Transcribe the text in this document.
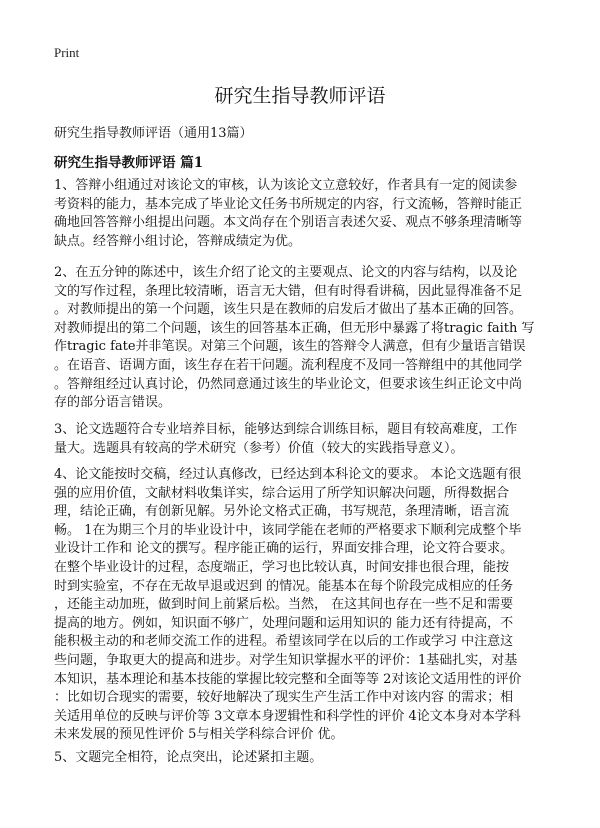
Print
研究生指导教师评语
研究生指导教师评语（通用13篇）
研究生指导教师评语 篇1

1、答辩小组通过对该论文的审核，认为该论文立意较好，作者具有一定的阅读参
考资料的能力，基本完成了毕业论文任务书所规定的内容，行文流畅，答辩时能正
确地回答答辩小组提出问题。本文尚存在个别语言表述欠妥、观点不够条理清晰等
缺点。经答辩小组讨论，答辩成绩定为优。

2、在五分钟的陈述中，该生介绍了论文的主要观点、论文的内容与结构，以及论
文的写作过程，条理比较清晰，语言无大错，但有时得看讲稿，因此显得准备不足
。对教师提出的第一个问题，该生只是在教师的启发后才做出了基本正确的回答。
对教师提出的第二个问题，该生的回答基本正确，但无形中暴露了将tragic faith 写
作tragic fate并非笔误。对第三个问题，该生的答辩令人满意，但有少量语言错误
。在语音、语调方面，该生存在若干问题。流利程度不及同一答辩组中的其他同学
。答辩组经过认真讨论，仍然同意通过该生的毕业论文，但要求该生纠正论文中尚
存的部分语言错误。

3、论文选题符合专业培养目标，能够达到综合训练目标，题目有较高难度，工作
量大。选题具有较高的学术研究（参考）价值（较大的实践指导意义）。

4、论文能按时交稿，经过认真修改，已经达到本科论文的要求。 本论文选题有很
强的应用价值，文献材料收集详实，综合运用了所学知识解决问题，所得数据合
理，结论正确，有创新见解。另外论文格式正确，书写规范，条理清晰，语言流
畅。 1在为期三个月的毕业设计中，该同学能在老师的严格要求下顺利完成整个毕
业设计工作和 论文的撰写。程序能正确的运行，界面安排合理，论文符合要求。
在整个毕业设计的过程，态度端正，学习也比较认真，时间安排也很合理，能按
时到实验室，不存在无故早退或迟到 的情况。能基本在每个阶段完成相应的任务
，还能主动加班，做到时间上前紧后松。当然， 在这其间也存在一些不足和需要
提高的地方。例如，知识面不够广，处理问题和运用知识的 能力还有待提高，不
能积极主动的和老师交流工作的进程。希望该同学在以后的工作或学习 中注意这
些问题，争取更大的提高和进步。对学生知识掌握水平的评价：1基础扎实，对基
本知识，基本理论和基本技能的掌握比较完整和全面等等 2对该论文适用性的评价
：比如切合现实的需要，较好地解决了现实生产生活工作中对该内容 的需求；相
关适用单位的反映与评价等 3文章本身逻辑性和科学性的评价 4论文本身对本学科
未来发展的预见性评价 5与相关学科综合评价 优。

5、文题完全相符，论点突出，论述紧扣主题。
